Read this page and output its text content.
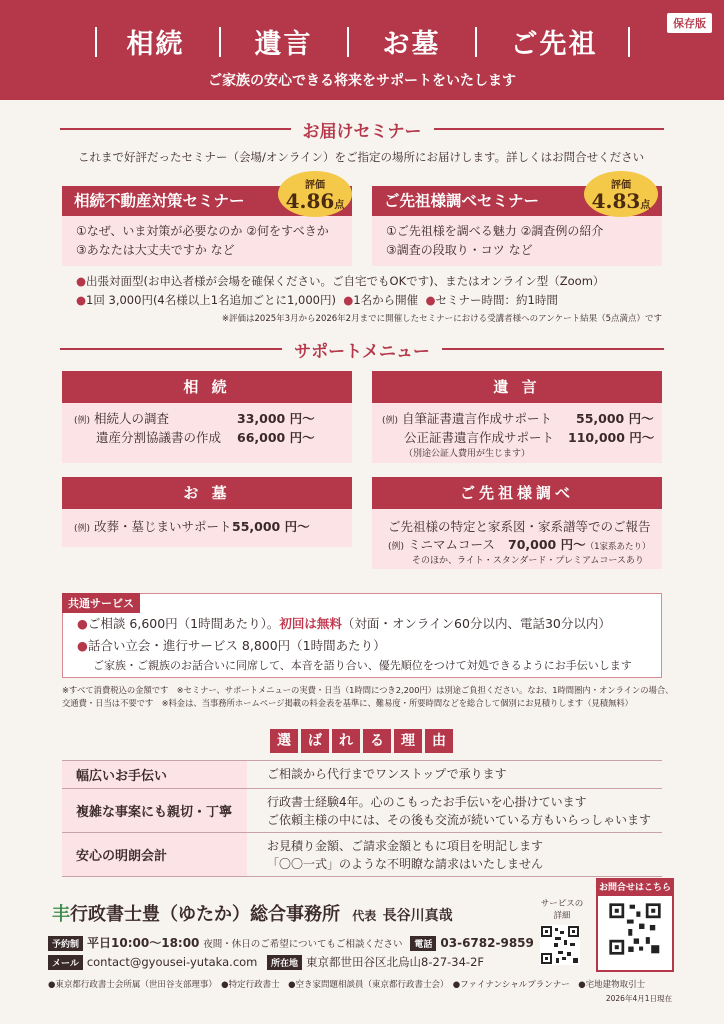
相続	遺言	お墓	ご先祖
ご家族の安心できる将来をサポートをいたします
保存版
お届けセミナー
これまで好評だったセミナー（会場/オンライン）をご指定の場所にお届けします。詳しくはお問合せください
相続不動産対策セミナー
①なぜ、いま対策が必要なのか ②何をすべきか
③あなたは大丈夫ですか など
評価
4.86点	ご先祖様調べセミナー
①ご先祖様を調べる魅力 ②調査例の紹介
③調査の段取り・コツ など
評価
4.83点
●出張対面型(お申込者様が会場を確保ください。ご自宅でもOKです)、またはオンライン型（Zoom）
●1回 3,000円(4名様以上1名追加ごとに1,000円) ●1名から開催 ●セミナー時間：約1時間
※評価は2025年3月から2026年2月までに開催したセミナーにおける受講者様へのアンケート結果（5点満点）です
サポートメニュー
相 続
(例) 相続人の調査	33,000 円～
遺産分割協議書の作成 66,000 円～
遺 言
(例) 自筆証書遺言作成サポート 55,000 円～
公正証書遺言作成サポート 110,000 円～
（別途公証人費用が生じます）
お 墓
(例) 改葬・墓じまいサポート 55,000 円～
ご先祖様調べ
ご先祖様の特定と家系図・家系譜等でのご報告
(例) ミニマムコース 70,000 円～（1家系あたり）
そのほか、ライト・スタンダード・プレミアムコースあり
共通サービス
●ご相談 6,600円（1時間あたり）。初回は無料（対面・オンライン60分以内、電話30分以内）
●話合い立会・進行サービス 8,800円（1時間あたり）
ご家族・ご親族のお話合いに同席して、本音を語り合い、優先順位をつけて対処できるようにお手伝いします
※すべて消費税込の金額です　※セミナー、サポートメニューの実費・日当（1時間につき2,200円）は別途ご負担ください。なお、1時間圏内・オンラインの場合、
交通費・日当は不要です　※料金は、当事務所ホームページ掲載の料金表を基準に、難易度・所要時間などを総合して個別にお見積りします（見積無料）
選	ば	れ	る	理	由
幅広いお手伝い	ご相談から代行までワンストップで承ります
複雑な事案にも親切・丁寧
行政書士経験4年。心のこもったお手伝いを心掛けています
ご依頼主様の中には、その後も交流が続いている方もいらっしゃいます
安心の明朗会計
お見積り金額、ご請求金額ともに項目を明記します
「〇〇一式」のような不明瞭な請求はいたしません
丰行政書士豊（ゆたか）総合事務所 代表 長谷川真哉
予約制 平日10:00～18:00 夜間・休日のご希望についてもご相談ください 電話 03-6782-9859
メール contact@gyousei-yutaka.com 所在地 東京都世田谷区北烏山8-27-34-2F
サービスの
詳細
お問合せはこちら
●東京都行政書士会所属（世田谷支部理事）　●特定行政書士　●空き家問題相談員（東京都行政書士会）　●ファイナンシャルプランナー　●宅地建物取引士
2026年4月1日現在
